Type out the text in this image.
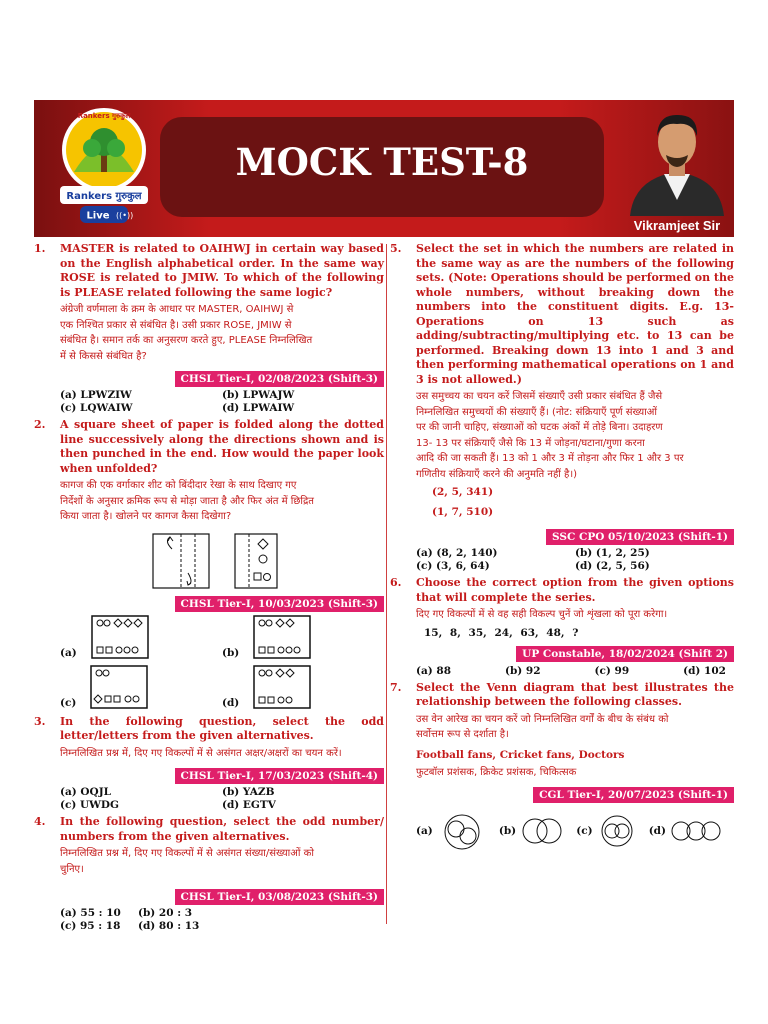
Rankers गुरुकुल
Rankers गुरुकुल
Live ((•))
MOCK TEST-8
Vikramjeet Sir
1. MASTER is related to OAIHWJ in certain way based on the English alphabetical order. In the same way ROSE is related to JMIW. To which of the following is PLEASE related following the same logic?
अंग्रेजी वर्णमाला के क्रम के आधार पर MASTER, OAIHWJ से
एक निश्चित प्रकार से संबंधित है। उसी प्रकार ROSE, JMIW से
संबंधित है। समान तर्क का अनुसरण करते हुए, PLEASE निम्नलिखित
में से किससे संबंधित है?
CHSL Tier-I, 02/08/2023 (Shift-3)
(a) LPWZIW	(b) LPWAJW
(c) LQWAIW	(d) LPWAIW
2. A square sheet of paper is folded along the dotted line successively along the directions shown and is then punched in the end. How would the paper look when unfolded?
कागज की एक वर्गाकार शीट को बिंदीदार रेखा के साथ दिखाए गए
निर्देशों के अनुसार क्रमिक रूप से मोड़ा जाता है और फिर अंत में छिद्रित
किया जाता है। खोलने पर कागज कैसा दिखेगा?
CHSL Tier-I, 10/03/2023 (Shift-3)
(a)	(b)
(c)	(d)
3. In the following question, select the odd letter/letters from the given alternatives.
निम्नलिखित प्रश्न में, दिए गए विकल्पों में से असंगत अक्षर/अक्षरों का चयन करें।
CHSL Tier-I, 17/03/2023 (Shift-4)
(a) OQJL	(b) YAZB
(c) UWDG	(d) EGTV
4. In the following question, select the odd number/ numbers from the given alternatives.
निम्नलिखित प्रश्न में, दिए गए विकल्पों में से असंगत संख्या/संख्याओं को
चुनिए।
CHSL Tier-I, 03/08/2023 (Shift-3)
(a) 55 : 10	(b) 20 : 3
(c) 95 : 18	(d) 80 : 13
5. Select the set in which the numbers are related in the same way as are the numbers of the following sets. (Note: Operations should be performed on the whole numbers, without breaking down the numbers into the constituent digits. E.g. 13- Operations on 13 such as adding/subtracting/multiplying etc. to 13 can be performed. Breaking down 13 into 1 and 3 and then performing mathematical operations on 1 and 3 is not allowed.)
उस समुच्चय का चयन करें जिसमें संख्याएँ उसी प्रकार संबंधित हैं जैसे
निम्नलिखित समुच्चयों की संख्याएँ हैं। (नोट: संक्रियाएँ पूर्ण संख्याओं
पर की जानी चाहिए, संख्याओं को घटक अंकों में तोड़े बिना। उदाहरण
13- 13 पर संक्रियाएँ जैसे कि 13 में जोड़ना/घटाना/गुणा करना
आदि की जा सकती हैं। 13 को 1 और 3 में तोड़ना और फिर 1 और 3 पर
गणितीय संक्रियाएँ करने की अनुमति नहीं है।)
(2, 5, 341)
(1, 7, 510)
SSC CPO 05/10/2023 (Shift-1)
(a) (8, 2, 140)	(b) (1, 2, 25)
(c) (3, 6, 64)	(d) (2, 5, 56)
6. Choose the correct option from the given options that will complete the series.
दिए गए विकल्पों में से वह सही विकल्प चुनें जो शृंखला को पूरा करेगा।
15, 8, 35, 24, 63, 48, ?
UP Constable, 18/02/2024 (Shift 2)
(a) 88	(b) 92	(c) 99	(d) 102
7. Select the Venn diagram that best illustrates the relationship between the following classes.
उस वेन आरेख का चयन करें जो निम्नलिखित वर्गों के बीच के संबंध को
सर्वोत्तम रूप से दर्शाता है।
Football fans, Cricket fans, Doctors
फुटबॉल प्रशंसक, क्रिकेट प्रशंसक, चिकित्सक
CGL Tier-I, 20/07/2023 (Shift-1)
(a)	(b)	(c)	(d)
